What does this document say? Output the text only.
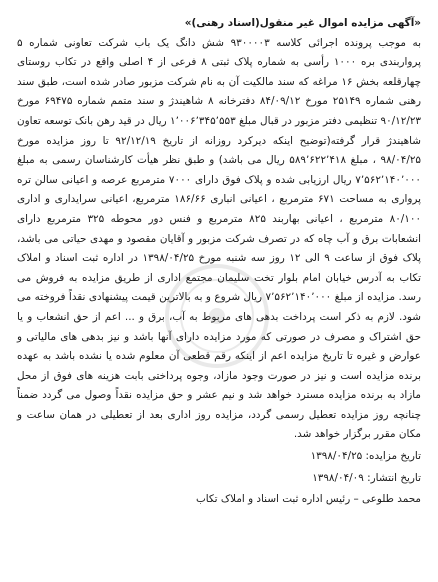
«آگهی مزایده اموال غیر منقول(اسناد رهنی)»
به موجب پرونده اجرائی کلاسه ۹۳۰۰۰۰۳ شش دانگ یک باب شرکت تعاونی شماره ۵ پرواربندی بره ۱۰۰۰ رأسی به شماره پلاک ثبتی ۸ فرعی از ۴ اصلی واقع در تکاب روستای چهارقلعه بخش ۱۶ مراغه که سند مالکیت آن به نام شرکت مزبور صادر شده است، طبق سند رهنی شماره ۲۵۱۴۹ مورخ ۸۴/۰۹/۱۲ دفترخانه ۸ شاهیندژ و سند متمم شماره ۶۹۴۷۵ مورخ ۹۰/۱۲/۲۳ تنظیمی دفتر مزبور در قبال مبلغ ۱٬۰۰۶٬۳۴۵٬۵۵۳ ریال در قید رهن بانک توسعه تعاون شاهیندژ قرار گرفته(توضیح اینکه دیرکرد روزانه از تاریخ ۹۲/۱۲/۱۹ تا روز مزایده مورخ ۹۸/۰۴/۲۵ ، مبلغ ۵۸۹٬۶۲۲٬۴۱۸ ریال می باشد) و طبق نظر هیأت کارشناسان رسمی به مبلغ ۷٬۵۶۲٬۱۴۰٬۰۰۰ ریال ارزیابی شده و پلاک فوق دارای ۷۰۰۰ مترمربع عرصه و اعیانی سالن تره پرواری به مساحت ۶۷۱ مترمربع ، اعیانی انباری ۱۸۶/۶۶ مترمربع، اعیانی سرایداری و اداری ۸۰/۱۰۰ مترمربع ، اعیانی بهاربند ۸۲۵ مترمربع و فنس دور محوطه ۳۲۵ مترمربع دارای انشعابات برق و آب چاه که در تصرف شرکت مزبور و آقایان مقصود و مهدی حیاتی می باشد، پلاک فوق از ساعت ۹ الی ۱۲ روز سه شنبه مورخ ۱۳۹۸/۰۴/۲۵ در اداره ثبت اسناد و املاک تکاب به آدرس خیابان امام بلوار تخت سلیمان مجتمع اداری از طریق مزایده به فروش می رسد. مزایده از مبلغ ۷٬۵۶۲٬۱۴۰٬۰۰۰ ریال شروع و به بالاترین قیمت پیشنهادی نقداً فروخته می شود. لازم به ذکر است پرداخت بدهی های مربوط به آب، برق و ... اعم از حق انشعاب و یا حق اشتراک و مصرف در صورتی که مورد مزایده دارای آنها باشد و نیز بدهی های مالیاتی و عوارض و غیره تا تاریخ مزایده اعم از اینکه رقم قطعی آن معلوم شده یا نشده باشد به عهده برنده مزایده است و نیز در صورت وجود مازاد، وجوه پرداختی بابت هزینه های فوق از محل مازاد به برنده مزایده مسترد خواهد شد و نیم عشر و حق مزایده نقداً وصول می گردد ضمناً چنانچه روز مزایده تعطیل رسمی گردد، مزایده روز اداری بعد از تعطیلی در همان ساعت و مکان مقرر برگزار خواهد شد.
تاریخ مزایده: ۱۳۹۸/۰۴/۲۵
تاریخ انتشار: ۱۳۹۸/۰۴/۰۹
محمد طلوعی – رئیس اداره ثبت اسناد و املاک تکاب
